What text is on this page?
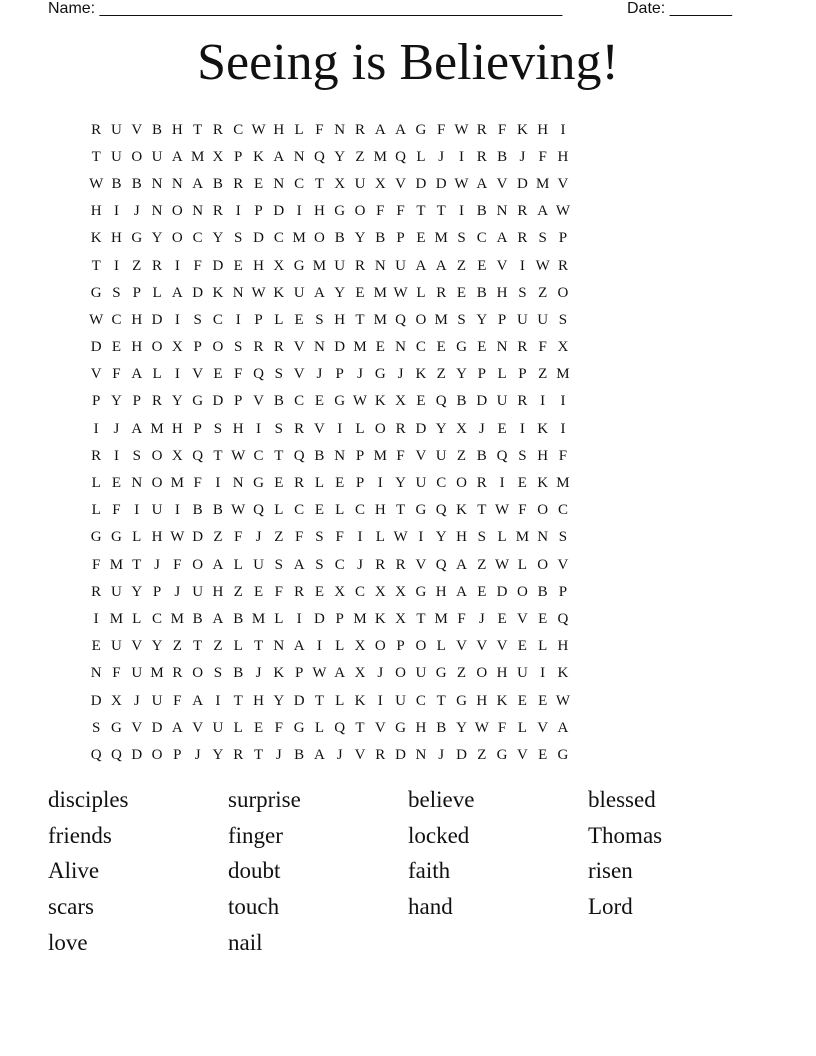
Name: ____________________________________________________	Date: _______
Seeing is Believing!
R U V B H T R C W H L F N R A A G F W R F K H I
T U O U A M X P K A N Q Y Z M Q L J I R B J F H
W B B N N A B R E N C T X U X V D D W A V D M V
H I J N O N R I P D I H G O F F T T I B N R A W
K H G Y O C Y S D C M O B Y B P E M S C A R S P
T I Z R I F D E H X G M U R N U A A Z E V I W R
G S P L A D K N W K U A Y E M W L R E B H S Z O
W C H D I S C I P L E S H T M Q O M S Y P U U S
D E H O X P O S R R V N D M E N C E G E N R F X
V F A L I V E F Q S V J P J G J K Z Y P L P Z M
P Y P R Y G D P V B C E G W K X E Q B D U R I	I
I J A M H P S H I S R V I L O R D Y X J E I K I
R I S O X Q T W C T Q B N P M F V U Z B Q S H F
L E N O M F I N G E R L E P I Y U C O R I E K M
L F I U I B B W Q L C E L C H T G Q K T W F O C
G G L H W D Z F J Z F S F I L W I Y H S L M N S
F M T J F O A L U S A S C J R R V Q A Z W L O V
R U Y P J U H Z E F R E X C X X G H A E D O B P
I M L C M B A B M L I D P M K X T M F J E V E Q
E U V Y Z T Z L T N A I L X O P O L V V V E L H
N F U M R O S B J K P W A X J O U G Z O H U I K
D X J U F A I T H Y D T L K I U C T G H K E E W
S G V D A V U L E F G L Q T V G H B Y W F L V A
Q Q D O P J Y R T J B A J V R D N J D Z G V E G
disciples	surprise	believe	blessed
friends	finger	locked	Thomas
Alive	doubt	faith	risen
scars	touch	hand	Lord
love	nail
